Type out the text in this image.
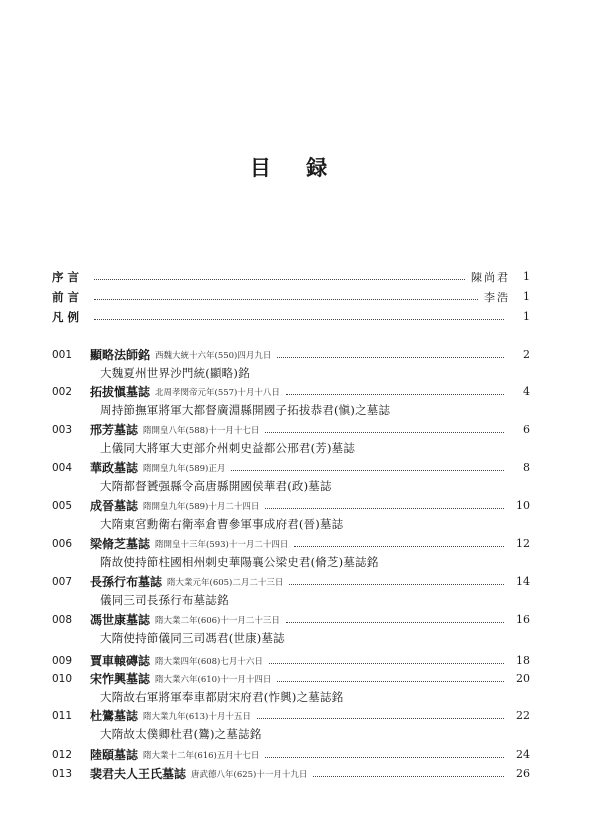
目 録
序言	陳尚君	1
前言	李浩	1
凡例	1
001	顯略法師銘 西魏大統十六年(550)四月九日	2
大魏夏州世界沙門統(顯略)銘
002	拓拔愼墓誌 北周孝閔帝元年(557)十月十八日	4
周持節撫軍將軍大都督廣淵縣開國子拓拔恭君(愼)之墓誌
003	邢芳墓誌 隋開皇八年(588)十一月十七日	6
上儀同大將軍大吏部介州刺史益都公邢君(芳)墓誌
004	華政墓誌 隋開皇九年(589)正月	8
大隋都督贇强縣令高唐縣開國侯華君(政)墓誌
005	成晉墓誌 隋開皇九年(589)十月二十四日	10
大隋東宮勳衛右衛率倉曹參軍事成府君(晉)墓誌
006	梁脩芝墓誌 隋開皇十三年(593)十一月二十四日	12
隋故使持節柱國相州刺史華陽襄公梁史君(脩芝)墓誌銘
007	長孫行布墓誌 隋大業元年(605)二月二十三日	14
儀同三司長孫行布墓誌銘
008	馮世康墓誌 隋大業二年(606)十一月二十三日	16
大隋使持節儀同三司馮君(世康)墓誌
009	賈車轅磚誌 隋大業四年(608)七月十六日	18
010	宋怍興墓誌 隋大業六年(610)十一月十四日	20
大隋故右軍將軍奉車都尉宋府君(怍興)之墓誌銘
011	杜鷟墓誌 隋大業九年(613)十月十五日	22
大隋故太僕卿杜君(鷟)之墓誌銘
012	陸頤墓誌 隋大業十二年(616)五月十七日	24
013	裴君夫人王氏墓誌 唐武德八年(625)十一月十九日	26
